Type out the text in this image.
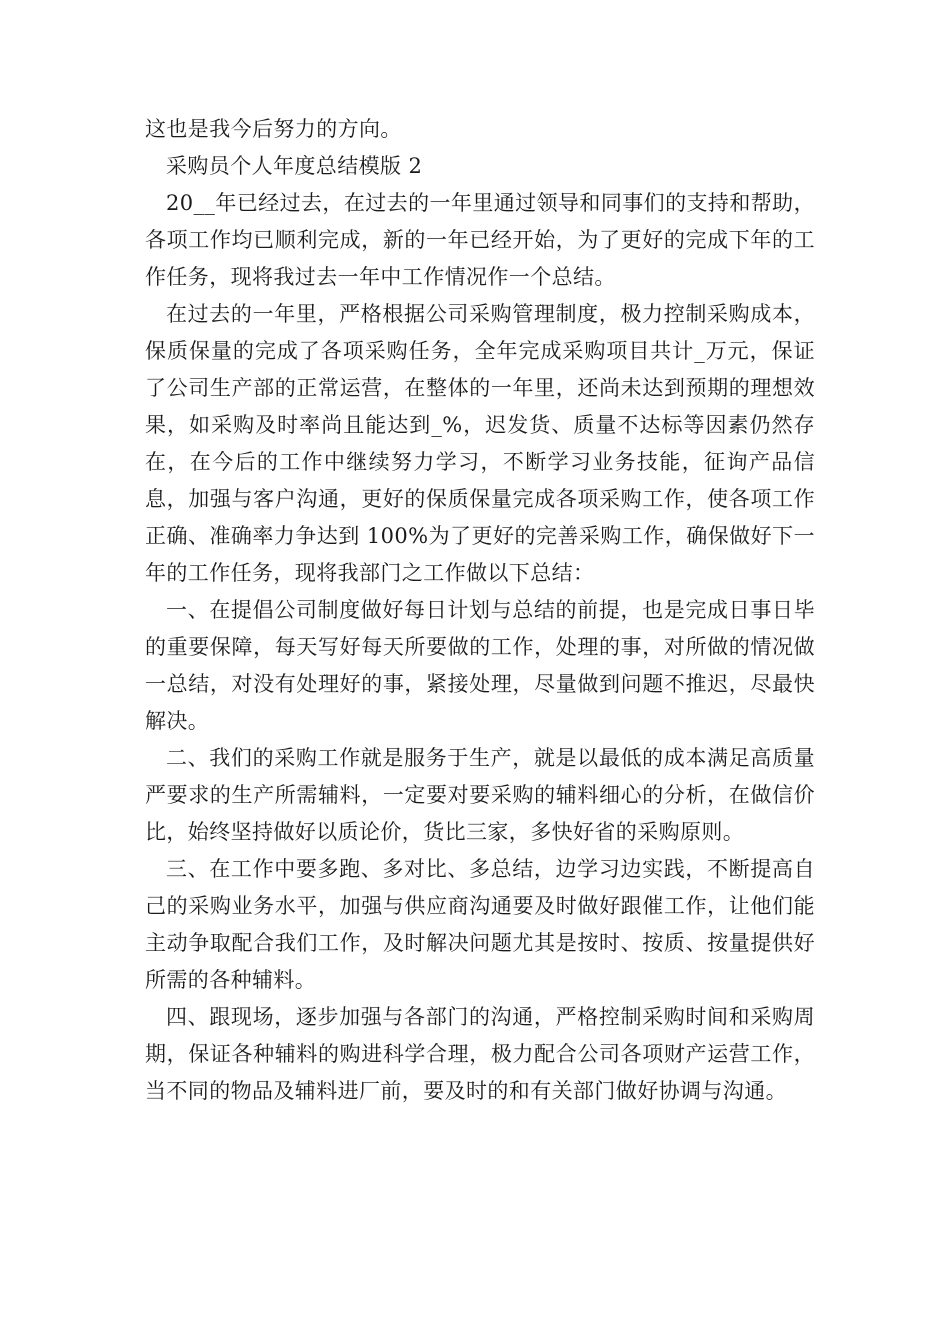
这也是我今后努力的方向。

采购员个人年度总结模版 2

20__年已经过去，在过去的一年里通过领导和同事们的支持和帮助，各项工作均已顺利完成，新的一年已经开始，为了更好的完成下年的工作任务，现将我过去一年中工作情况作一个总结。

在过去的一年里，严格根据公司采购管理制度，极力控制采购成本，保质保量的完成了各项采购任务，全年完成采购项目共计_万元，保证了公司生产部的正常运营，在整体的一年里，还尚未达到预期的理想效果，如采购及时率尚且能达到_%，迟发货、质量不达标等因素仍然存在，在今后的工作中继续努力学习，不断学习业务技能，征询产品信息，加强与客户沟通，更好的保质保量完成各项采购工作，使各项工作正确、准确率力争达到 100%为了更好的完善采购工作，确保做好下一年的工作任务，现将我部门之工作做以下总结：

一、在提倡公司制度做好每日计划与总结的前提，也是完成日事日毕的重要保障，每天写好每天所要做的工作，处理的事，对所做的情况做一总结，对没有处理好的事，紧接处理，尽量做到问题不推迟，尽最快解决。

二、我们的采购工作就是服务于生产，就是以最低的成本满足高质量严要求的生产所需辅料，一定要对要采购的辅料细心的分析，在做信价比，始终坚持做好以质论价，货比三家，多快好省的采购原则。

三、在工作中要多跑、多对比、多总结，边学习边实践，不断提高自己的采购业务水平，加强与供应商沟通要及时做好跟催工作，让他们能主动争取配合我们工作，及时解决问题尤其是按时、按质、按量提供好所需的各种辅料。

四、跟现场，逐步加强与各部门的沟通，严格控制采购时间和采购周期，保证各种辅料的购进科学合理，极力配合公司各项财产运营工作，当不同的物品及辅料进厂前，要及时的和有关部门做好协调与沟通。
